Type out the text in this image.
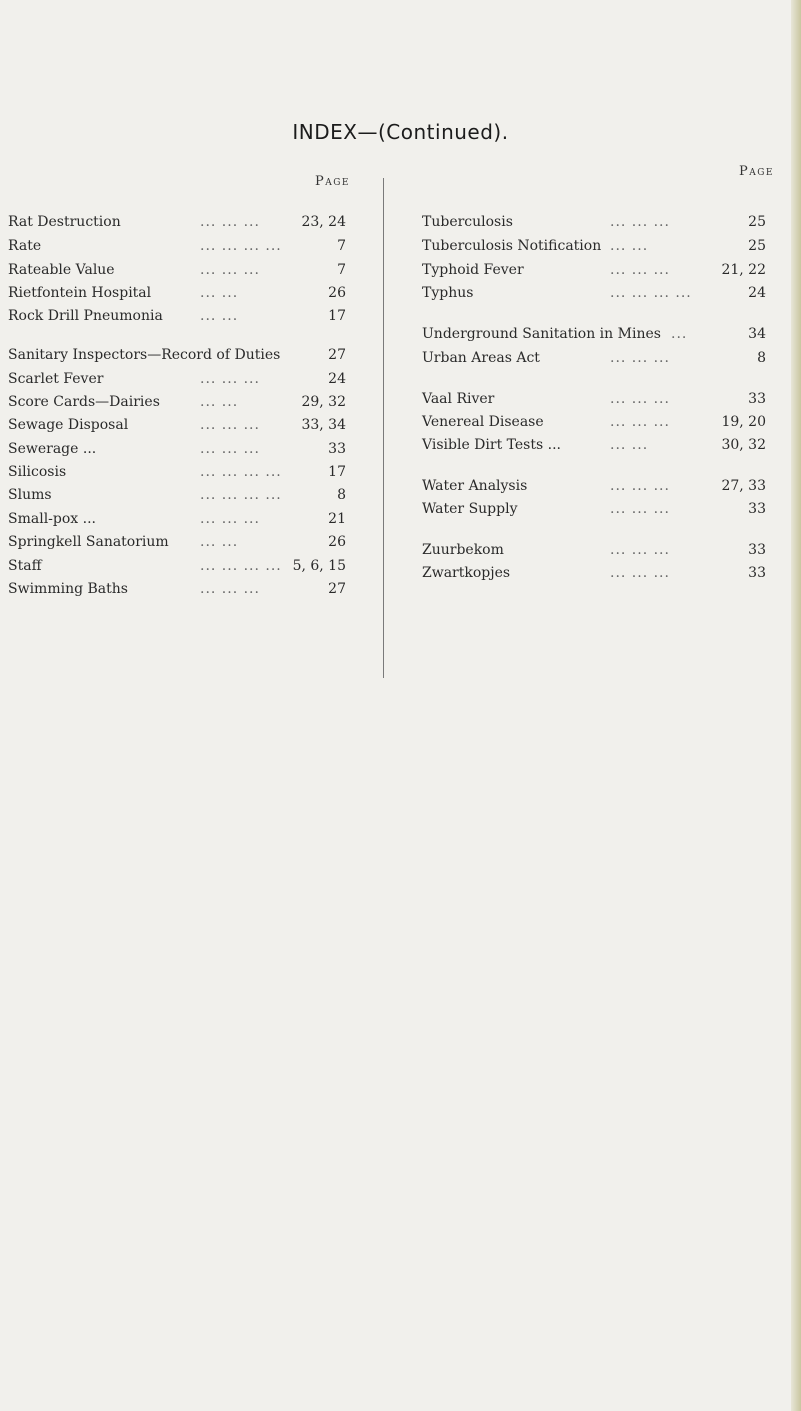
INDEX—(Continued).
Page
Page
Rat Destruction	... ... ...	23, 24
Rate	... ... ... ...	7
Rateable Value	... ... ...	7
Rietfontein Hospital	... ...	26
Rock Drill Pneumonia	... ...	17
Sanitary Inspectors—Record of Duties	27
Scarlet Fever	... ... ...	24
Score Cards—Dairies	... ...	29, 32
Sewage Disposal	... ... ...	33, 34
Sewerage ...	... ... ...	33
Silicosis	... ... ... ...	17
Slums	... ... ... ...	8
Small-pox ...	... ... ...	21
Springkell Sanatorium ... ...	26
Staff	... ... ... ... 5, 6, 15
Swimming Baths	... ... ...	27
Tuberculosis	... ... ...	25
Tuberculosis Notification ... ...	25
Typhoid Fever	... ... ...	21, 22
Typhus	... ... ... ...	24
Underground Sanitation in Mines ...	34
Urban Areas Act	... ... ...	8
Vaal River	... ... ...	33
Venereal Disease	... ... ...	19, 20
Visible Dirt Tests ...	... ...	30, 32
Water Analysis	... ... ...	27, 33
Water Supply	... ... ...	33
Zuurbekom	... ... ...	33
Zwartkopjes	... ... ...	33
